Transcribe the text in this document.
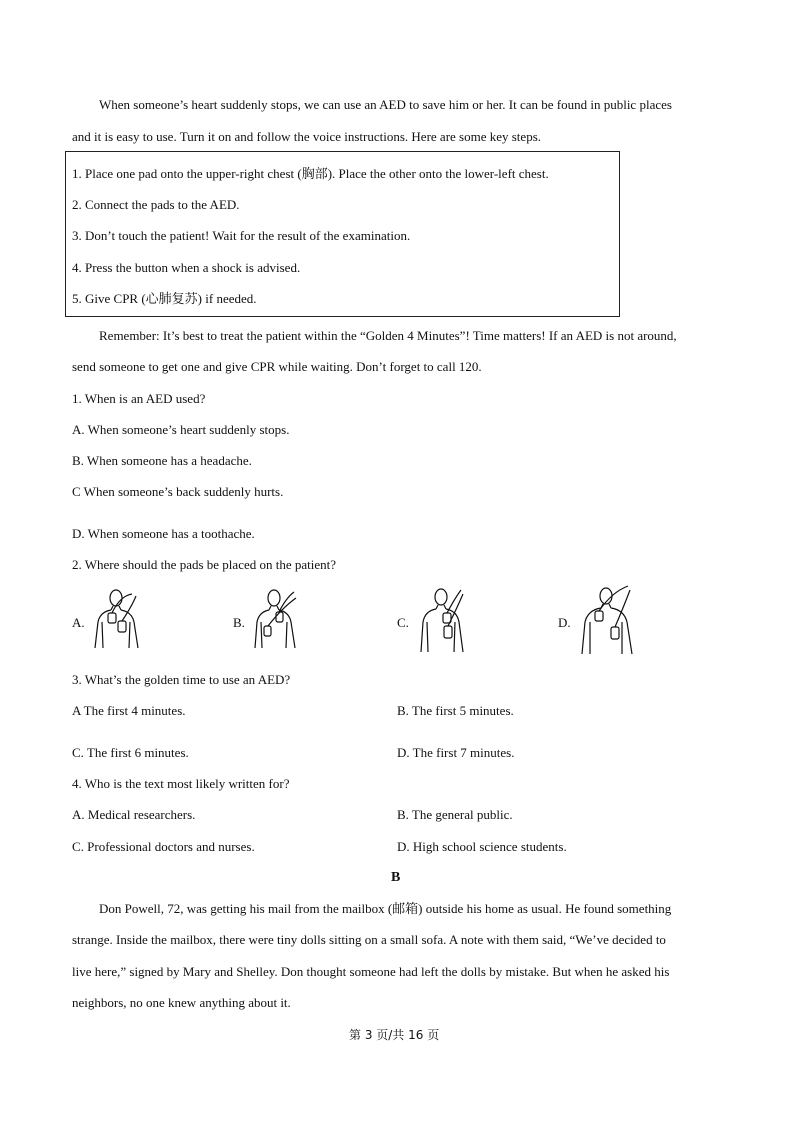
When someone’s heart suddenly stops, we can use an AED to save him or her. It can be found in public places
and it is easy to use. Turn it on and follow the voice instructions. Here are some key steps.
1. Place one pad onto the upper-right chest (胸部). Place the other onto the lower-left chest.
2. Connect the pads to the AED.
3. Don’t touch the patient! Wait for the result of the examination.
4. Press the button when a shock is advised.
5. Give CPR (心肺复苏) if needed.
Remember: It’s best to treat the patient within the “Golden 4 Minutes”! Time matters! If an AED is not around,
send someone to get one and give CPR while waiting. Don’t forget to call 120.
1. When is an AED used?
A. When someone’s heart suddenly stops.
B. When someone has a headache.
C When someone’s back suddenly hurts.
D. When someone has a toothache.
2. Where should the pads be placed on the patient?
A.	B.	C.	D.
3. What’s the golden time to use an AED?
A The first 4 minutes.	B. The first 5 minutes.
C. The first 6 minutes.	D. The first 7 minutes.
4. Who is the text most likely written for?
A. Medical researchers.	B. The general public.
C. Professional doctors and nurses.	D. High school science students.
B
Don Powell, 72, was getting his mail from the mailbox (邮箱) outside his home as usual. He found something
strange. Inside the mailbox, there were tiny dolls sitting on a small sofa. A note with them said, “We’ve decided to
live here,” signed by Mary and Shelley. Don thought someone had left the dolls by mistake. But when he asked his
neighbors, no one knew anything about it.
第 3 页/共 16 页
